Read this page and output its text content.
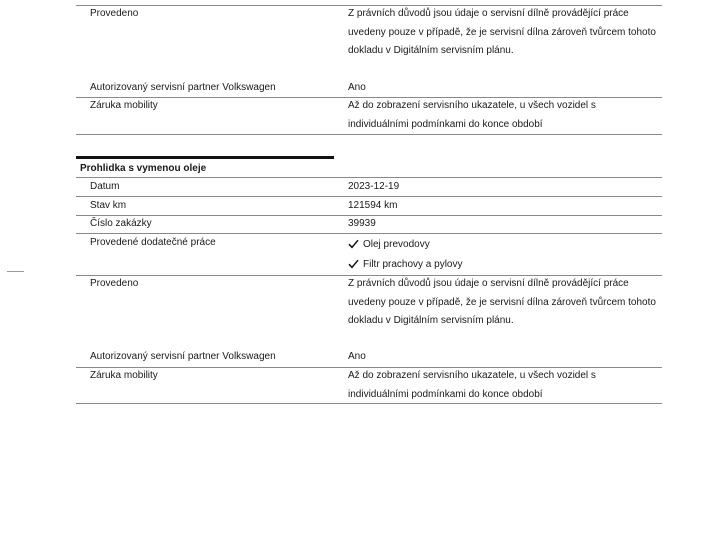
Provedeno	Z právních důvodů jsou údaje o servisní dílně provádějící práce uvedeny pouze v případě, že je servisní dílna zároveň tvůrcem tohoto dokladu v Digitálním servisním plánu.
Autorizovaný servisní partner Volkswagen	Ano
Záruka mobility	Až do zobrazení servisního ukazatele, u všech vozidel s individuálními podmínkami do konce období
Prohlidka s vymenou oleje
Datum	2023-12-19
Stav km	121594 km
Číslo zakázky	39939
Provedené dodatečné práce	Olej prevodovy
Filtr prachovy a pylovy
Provedeno	Z právních důvodů jsou údaje o servisní dílně provádějící práce uvedeny pouze v případě, že je servisní dílna zároveň tvůrcem tohoto dokladu v Digitálním servisním plánu.
Autorizovaný servisní partner Volkswagen	Ano
Záruka mobility	Až do zobrazení servisního ukazatele, u všech vozidel s individuálními podmínkami do konce období
